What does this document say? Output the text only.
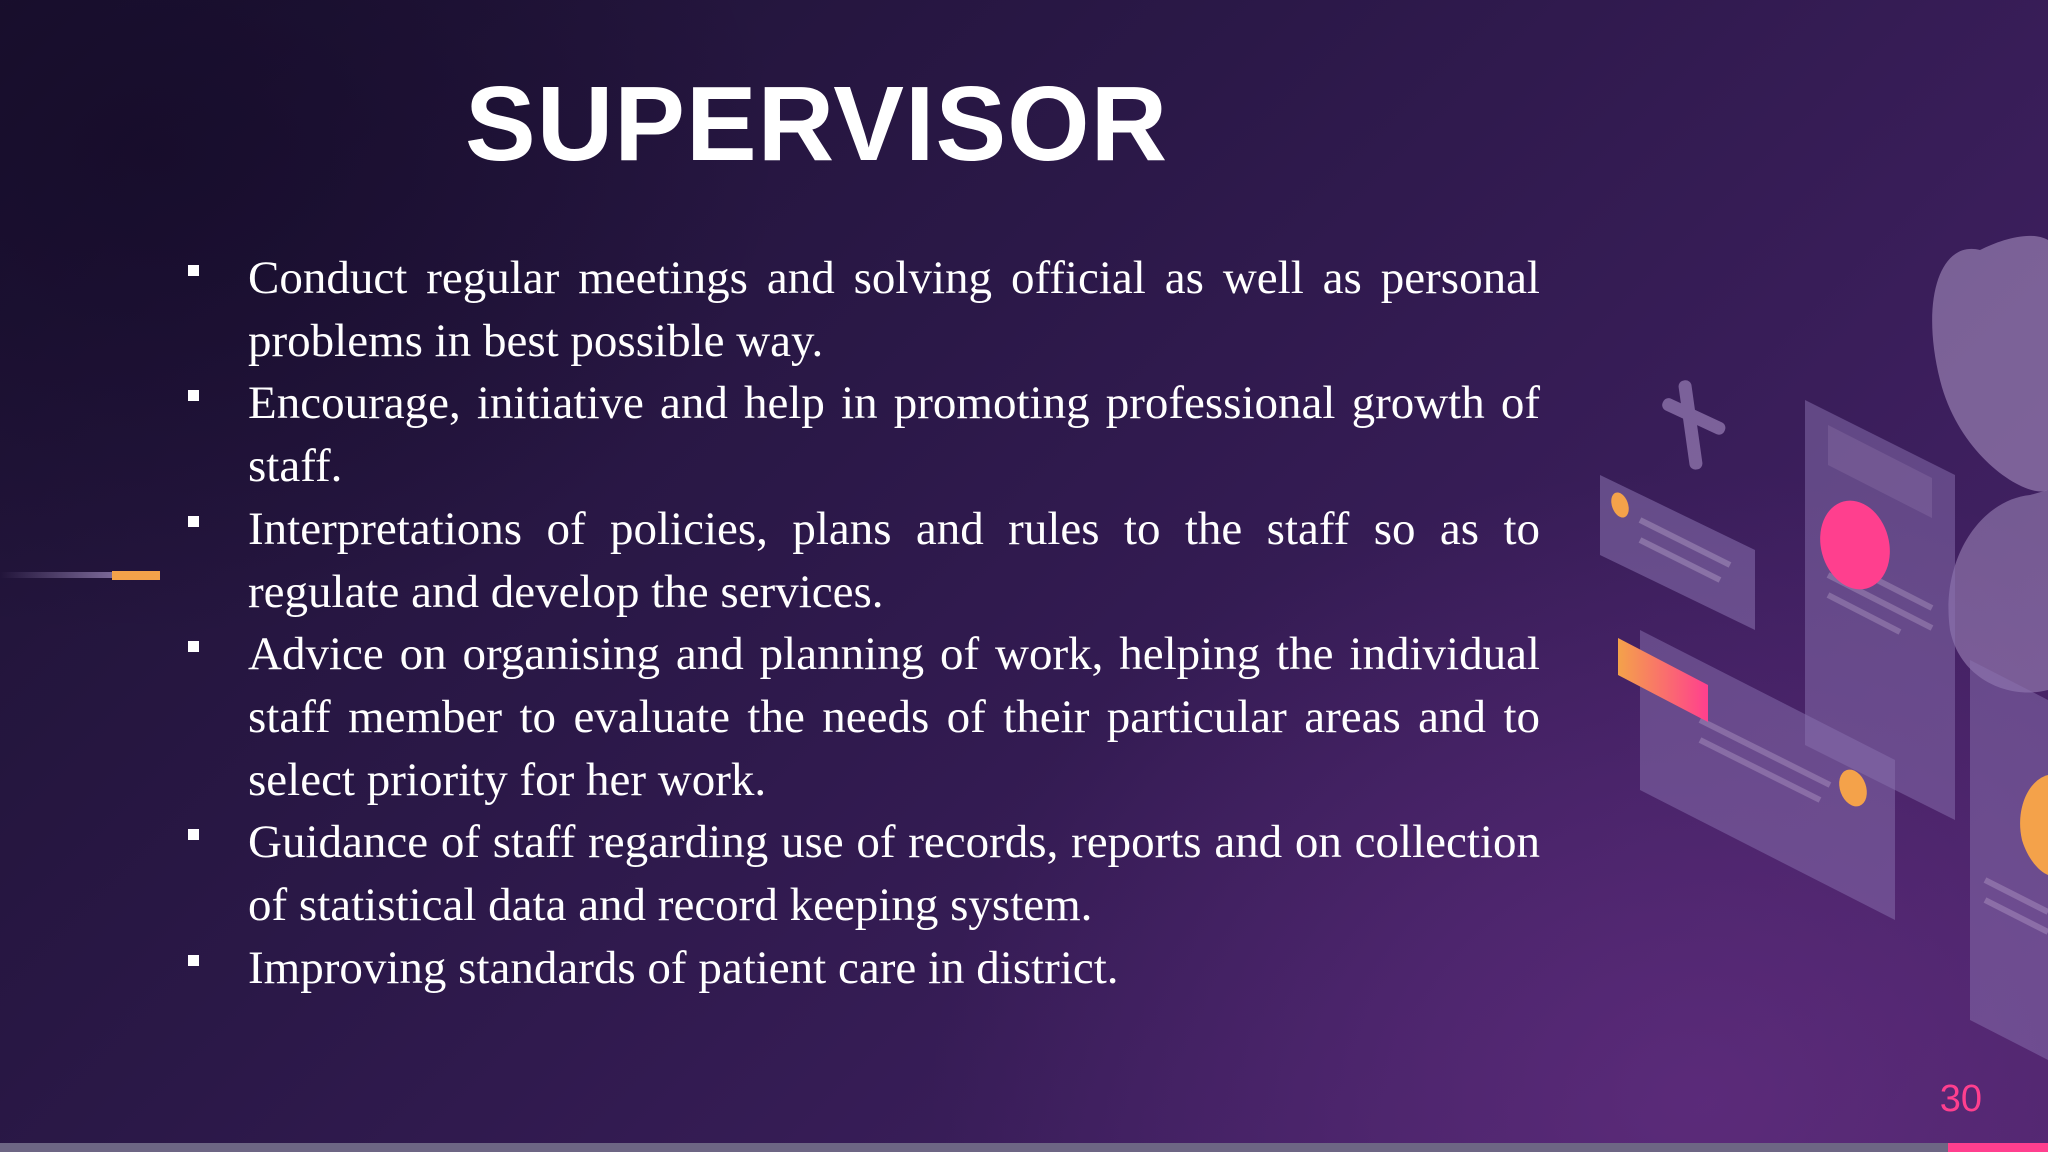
SUPERVISOR
Conduct regular meetings and solving official as well as personal problems in best possible way.
Encourage, initiative and help in promoting professional growth of staff.
Interpretations of policies, plans and rules to the staff so as to regulate and develop the services.
Advice on organising and planning of work, helping the individual staff member to evaluate the needs of their particular areas and to select priority for her work.
Guidance of staff regarding use of records, reports and on collection of statistical data and record keeping system.
Improving standards of patient care in district.
30
